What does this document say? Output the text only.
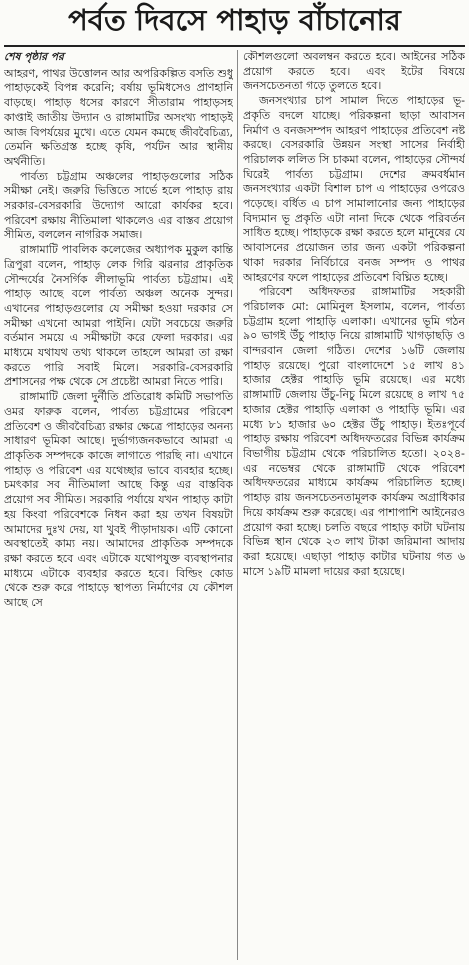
পর্বত দিবসে পাহাড় বাঁচানোর
শেষ পৃষ্ঠার পর

আহরণ, পাথর উত্তোলন আর অপরিকল্পিত বসতি শুধু পাহাড়কেই বিপন্ন করেনি; বর্ষায় ভূমিধসেও প্রাণহানি বাড়ছে। পাহাড় ধসের কারণে সীতারাম পাহাড়সহ কাপ্তাই জাতীয় উদ্যান ও রাঙ্গামাটির অসংখ্য পাহাড়ই আজ বিপর্যয়ের মুখে। এতে যেমন কমছে জীববৈচিত্র্য, তেমনি ক্ষতিগ্রস্ত হচ্ছে কৃষি, পর্যটন আর স্থানীয় অর্থনীতি।

পার্বত্য চট্টগ্রাম অঞ্চলের পাহাড়গুলোর সঠিক সমীক্ষা নেই। জরুরি ভিত্তিতে সার্ভে হলে পাহাড় রায় সরকার-বেসরকারি উদ্যোগ আরো কার্যকর হবে। পরিবেশ রক্ষায় নীতিমালা থাকলেও এর বাস্তব প্রয়োগ সীমিত, বললেন নাগরিক সমাজ।

রাঙ্গামাটি পাবলিক কলেজের অধ্যাপক মুকুল কান্তি ত্রিপুরা বলেন, পাহাড় লেক গিরি ঝরনার প্রাকৃতিক সৌন্দর্যের নৈসর্গিক লীলাভূমি পার্বত্য চট্টগ্রাম। এই পাহাড় আছে বলে পার্বত্য অঞ্চল অনেক সুন্দর। এখানের পাহাড়গুলোর যে সমীক্ষা হওয়া দরকার সে সমীক্ষা এখনো আমরা পাইনি। যেটা সবচেয়ে জরুরি বর্তমান সময়ে এ সমীক্ষাটা করে ফেলা দরকার। এর মাধ্যমে যথাযথ তথ্য থাকলে তাহলে আমরা তা রক্ষা করতে পারি সবাই মিলে। সরকারি-বেসরকারি প্রশাসনের পক্ষ থেকে সে প্রচেষ্টা আমরা নিতে পারি।

রাঙ্গামাটি জেলা দুর্নীতি প্রতিরোধ কমিটি সভাপতি ওমর ফারুক বলেন, পার্বত্য চট্টগ্রামের পরিবেশ প্রতিবেশ ও জীববৈচিত্র্য রক্ষার ক্ষেত্রে পাহাড়ের অনন্য সাধারণ ভূমিকা আছে। দুর্ভাগ্যজনকভাবে আমরা এ প্রাকৃতিক সম্পদকে কাজে লাগাতে পারছি না। এখানে পাহাড় ও পরিবেশ এর যথেচ্ছার ভাবে ব্যবহার হচ্ছে। চমৎকার সব নীতিমালা আছে কিন্তু এর বাস্তবিক প্রয়োগ সব সীমিত। সরকারি পর্যায়ে যখন পাহাড় কাটা হয় কিংবা পরিবেশকে নিধন করা হয় তখন বিষয়টা আমাদের দুঃখ দেয়, যা খুবই পীড়াদায়ক। এটি কোনো অবস্থাতেই কাম্য নয়। আমাদের প্রাকৃতিক সম্পদকে রক্ষা করতে হবে এবং এটাকে যথোপযুক্ত ব্যবস্থাপনার মাধ্যমে এটাকে ব্যবহার করতে হবে। বিল্ডিং কোড থেকে শুরু করে পাহাড়ে স্থাপত্য নির্মাণের যে কৌশল আছে সে

কৌশলগুলো অবলম্বন করতে হবে। আইনের সঠিক প্রয়োগ করতে হবে। এবং ইটের বিষয়ে জনসচেতনতা গড়ে তুলতে হবে।

জনসংখ্যার চাপ সামাল দিতে পাহাড়ের ভূ-প্রকৃতি বদলে যাচ্ছে। পরিকল্পনা ছাড়া আবাসন নির্মাণ ও বনজসম্পদ আহরণ পাহাড়ের প্রতিবেশ নষ্ট করছে। বেসরকারি উন্নয়ন সংস্থা সাসের নির্বাহী পরিচালক ললিত সি চাকমা বলেন, পাহাড়ের সৌন্দর্য ঘিরেই পার্বত্য চট্টগ্রাম। দেশের ক্রমবর্ধমান জনসংখ্যার একটা বিশাল চাপ এ পাহাড়ের ওপরেও পড়েছে। বর্ধিত এ চাপ সামালানোর জন্য পাহাড়ের বিদ্যমান ভূ প্রকৃতি এটা নানা দিকে থেকে পরিবর্তন সাধিত হচ্ছে। পাহাড়কে রক্ষা করতে হলে মানুষের যে আবাসনের প্রয়োজন তার জন্য একটা পরিকল্পনা থাকা দরকার নির্বিচারে বনজ সম্পদ ও পাথর আহরণের ফলে পাহাড়ের প্রতিবেশ বিঘ্নিত হচ্ছে।

পরিবেশ অধিদফতর রাঙ্গামাটির সহকারী পরিচালক মো: মোমিনুল ইসলাম, বলেন, পার্বত্য চট্টগ্রাম হলো পাহাড়ি এলাকা। এখানের ভূমি গঠন ৯০ ভাগই উঁচু পাহাড় নিয়ে রাঙ্গামাটি খাগড়াছড়ি ও বান্দরবান জেলা গঠিত। দেশের ১৬টি জেলায় পাহাড় রয়েছে। পুরো বাংলাদেশে ১৫ লাখ ৪১ হাজার হেক্টর পাহাড়ি ভূমি রয়েছে। এর মধ্যে রাঙ্গামাটি জেলায় উঁচু-নিচু মিলে রয়েছে ৪ লাখ ৭৫ হাজার হেক্টর পাহাড়ি এলাকা ও পাহাড়ি ভূমি। এর মধ্যে ৮১ হাজার ৬০ হেক্টর উঁচু পাহাড়। ইতঃপূর্বে পাহাড় রক্ষায় পরিবেশ অধিদফতরের বিভিন্ন কার্যক্রম বিভাগীয় চট্টগ্রাম থেকে পরিচালিত হতো। ২০২৪-এর নভেম্বর থেকে রাঙ্গামাটি থেকে পরিবেশ অধিদফতরের মাধ্যমে কার্যক্রম পরিচালিত হচ্ছে। পাহাড় রায় জনসচেতনতামূলক কার্যক্রম অগ্রাধিকার দিয়ে কার্যক্রম শুরু করেছে। এর পাশাপাশি আইনেরও প্রয়োগ করা হচ্ছে। চলতি বছরে পাহাড় কাটা ঘটনায় বিভিন্ন স্থান থেকে ২৩ লাখ টাকা জরিমানা আদায় করা হয়েছে। এছাড়া পাহাড় কাটার ঘটনায় গত ৬ মাসে ১৯টি মামলা দায়ের করা হয়েছে।
